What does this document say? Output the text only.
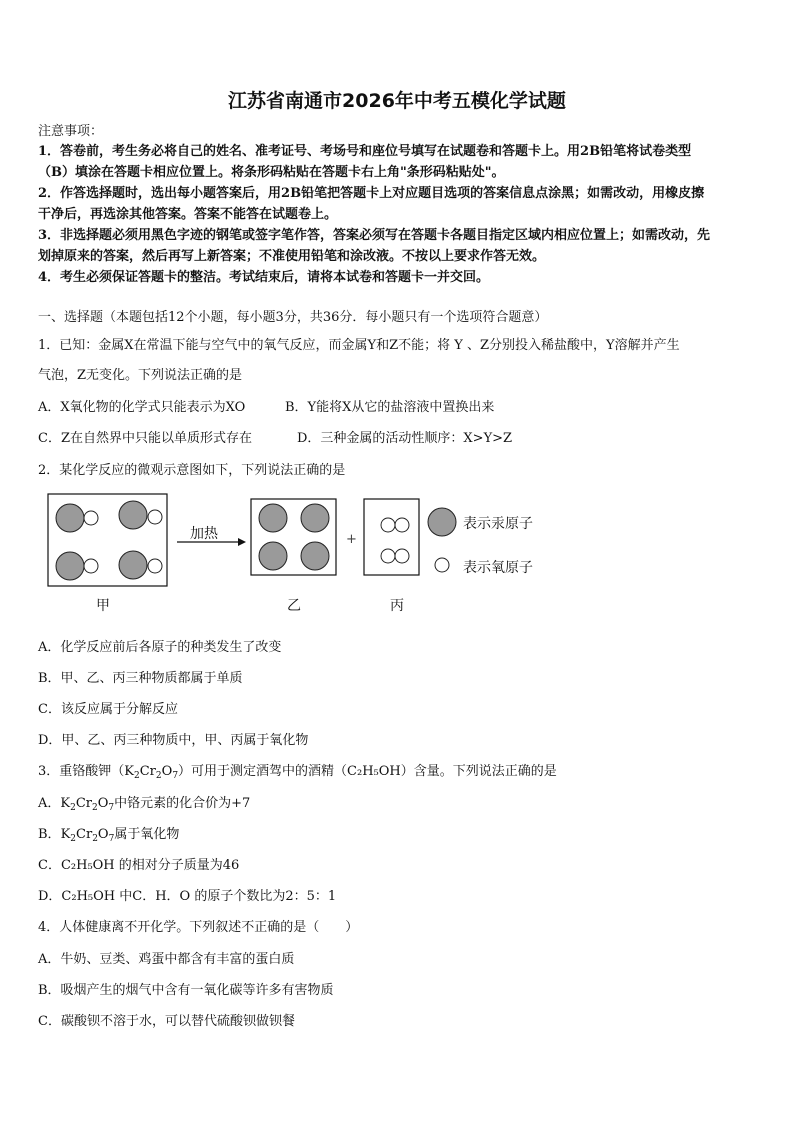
江苏省南通市2026年中考五模化学试题
注意事项：
1．答卷前，考生务必将自己的姓名、准考证号、考场号和座位号填写在试题卷和答题卡上。用2B铅笔将试卷类型
（B）填涂在答题卡相应位置上。将条形码粘贴在答题卡右上角"条形码粘贴处"。
2．作答选择题时，选出每小题答案后，用2B铅笔把答题卡上对应题目选项的答案信息点涂黑；如需改动，用橡皮擦
干净后，再选涂其他答案。答案不能答在试题卷上。
3．非选择题必须用黑色字迹的钢笔或签字笔作答，答案必须写在答题卡各题目指定区域内相应位置上；如需改动，先
划掉原来的答案，然后再写上新答案；不准使用铅笔和涂改液。不按以上要求作答无效。
4．考生必须保证答题卡的整洁。考试结束后，请将本试卷和答题卡一并交回。
一、选择题（本题包括12个小题，每小题3分，共36分．每小题只有一个选项符合题意）
1．已知：金属X在常温下能与空气中的氧气反应，而金属Y和Z不能；将 Y 、Z分别投入稀盐酸中，Y溶解并产生
气泡，Z无变化。下列说法正确的是
A．X氧化物的化学式只能表示为XO	B．Y能将X从它的盐溶液中置换出来
C．Z在自然界中只能以单质形式存在	D．三种金属的活动性顺序：X>Y>Z
2．某化学反应的微观示意图如下，下列说法正确的是
加热	+
表示汞原子
表示氧原子
甲	乙	丙
A．化学反应前后各原子的种类发生了改变
B．甲、乙、丙三种物质都属于单质
C．该反应属于分解反应
D．甲、乙、丙三种物质中，甲、丙属于氧化物
3．重铬酸钾$(K_2Cr_2O_7)$可用于测定酒驾中的酒精（C₂H₅OH）含量。下列说法正确的是
A．$K_2Cr_2O_7$中铬元素的化合价为+7
B．$K_2Cr_2O_7$属于氧化物
C．C₂H₅OH 的相对分子质量为46
D．C₂H₅OH 中C．H．O 的原子个数比为2：5：1
4．人体健康离不开化学。下列叙述不正确的是（　　）
A．牛奶、豆类、鸡蛋中都含有丰富的蛋白质
B．吸烟产生的烟气中含有一氧化碳等许多有害物质
C．碳酸钡不溶于水，可以替代硫酸钡做钡餐
